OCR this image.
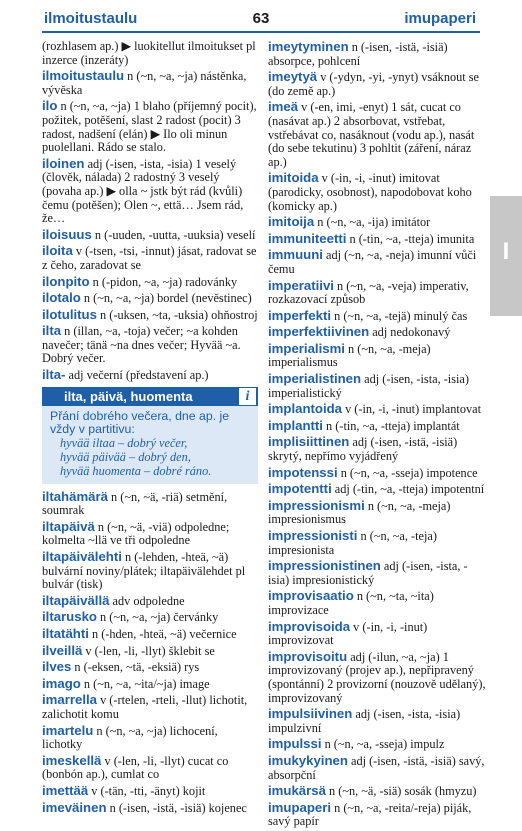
ilmoitustaulu	63	imupaperi
I
(rozhlasem ap.) ▶ luokitellut ilmoitukset pl inzerce (inzeráty)
ilmoitustaulu n (~n, ~a, ~ja) nástěnka, vývěska
ilo n (~n, ~a, ~ja) 1 blaho (příjemný pocit), požitek, potěšení, slast 2 radost (pocit) 3 radost, nadšení (elán) ▶ Ilo oli minun puolellani. Rádo se stalo.
iloinen adj (-isen, -ista, -isia) 1 veselý (člověk, nálada) 2 radostný 3 veselý (povaha ap.) ▶ olla ~ jstk být rád (kvůli) čemu (potěšen); Olen ~, että… Jsem rád, že…
iloisuus n (-uuden, -uutta, -uuksia) veselí
iloita v (-tsen, -tsi, -innut) jásat, radovat se z čeho, zaradovat se
ilonpito n (-pidon, ~a, ~ja) radovánky
ilotalo n (~n, ~a, ~ja) bordel (nevěstinec)
ilotulitus n (-uksen, ~ta, -uksia) ohňostroj
ilta n (illan, ~a, -toja) večer; ~a kohden navečer; tänä ~na dnes večer; Hyvää ~a. Dobrý večer.
ilta- adj večerní (představení ap.)
ilta, päivä, huomenta	i
Přání dobrého večera, dne ap. je vždy v partitivu:
hyvää iltaa – dobrý večer,
hyvää päivää – dobrý den,
hyvää huomenta – dobré ráno.
iltahämärä n (~n, ~ä, -riä) setmění, soumrak
iltapäivä n (~n, ~ä, -viä) odpoledne; kolmelta ~llä ve tři odpoledne
iltapäivälehti n (-lehden, -hteä, ~ä) bulvární noviny/plátek; iltapäivälehdet pl bulvár (tisk)
iltapäivällä adv odpoledne
iltarusko n (~n, ~a, ~ja) červánky
iltatähti n (-hden, -hteä, ~ä) večernice
ilveillä v (-len, -li, -llyt) šklebit se
ilves n (-eksen, ~tä, -eksiä) rys
imago n (~n, ~a, ~ita/~ja) image
imarrella v (-rtelen, -rteli, -llut) lichotit, zalichotit komu
imartelu n (~n, ~a, ~ja) lichocení, lichotky
imeskellä v (-len, -li, -llyt) cucat co (bonbón ap.), cumlat co
imettää v (-tän, -tti, -änyt) kojit
imeväinen n (-isen, -istä, -isiä) kojenec
imeytyminen n (-isen, -istä, -isiä) absorpce, pohlcení
imeytyä v (-ydyn, -yi, -ynyt) vsáknout se (do země ap.)
imeä v (-en, imi, -enyt) 1 sát, cucat co (nasávat ap.) 2 absorbovat, vstřebat, vstřebávat co, nasáknout (vodu ap.), nasát (do sebe tekutinu) 3 pohltit (záření, náraz ap.)
imitoida v (-in, -i, -inut) imitovat (parodicky, osobnost), napodobovat koho (komicky ap.)
imitoija n (~n, ~a, -ija) imitátor
immuniteetti n (-tin, ~a, -tteja) imunita
immuuni adj (~n, ~a, -neja) imunní vůči čemu
imperatiivi n (~n, ~a, -veja) imperativ, rozkazovací způsob
imperfekti n (~n, ~a, -tejä) minulý čas
imperfektiivinen adj nedokonavý
imperialismi n (~n, ~a, -meja) imperialismus
imperialistinen adj (-isen, -ista, -isia) imperialistický
implantoida v (-in, -i, -inut) implantovat
implantti n (-tin, ~a, -tteja) implantát
implisiittinen adj (-isen, -istä, -isiä) skrytý, nepřímo vyjádřený
impotenssi n (~n, ~a, -sseja) impotence
impotentti adj (-tin, ~a, -tteja) impotentní
impressionismi n (~n, ~a, -meja) impresionismus
impressionisti n (~n, ~a, -teja) impresionista
impressionistinen adj (-isen, -ista, -isia) impresionistický
improvisaatio n (~n, ~ta, ~ita) improvizace
improvisoida v (-in, -i, -inut) improvizovat
improvisoitu adj (-ilun, ~a, ~ja) 1 improvizovaný (projev ap.), nepřipravený (spontánní) 2 provizorní (nouzově udělaný), improvizovaný
impulsiivinen adj (-isen, -ista, -isia) impulzivní
impulssi n (~n, ~a, -sseja) impulz
imukykyinen adj (-isen, -istä, -isiä) savý, absorpční
imukärsä n (~n, ~ä, -siä) sosák (hmyzu)
imupaperi n (~n, ~a, -reita/-reja) piják, savý papír
